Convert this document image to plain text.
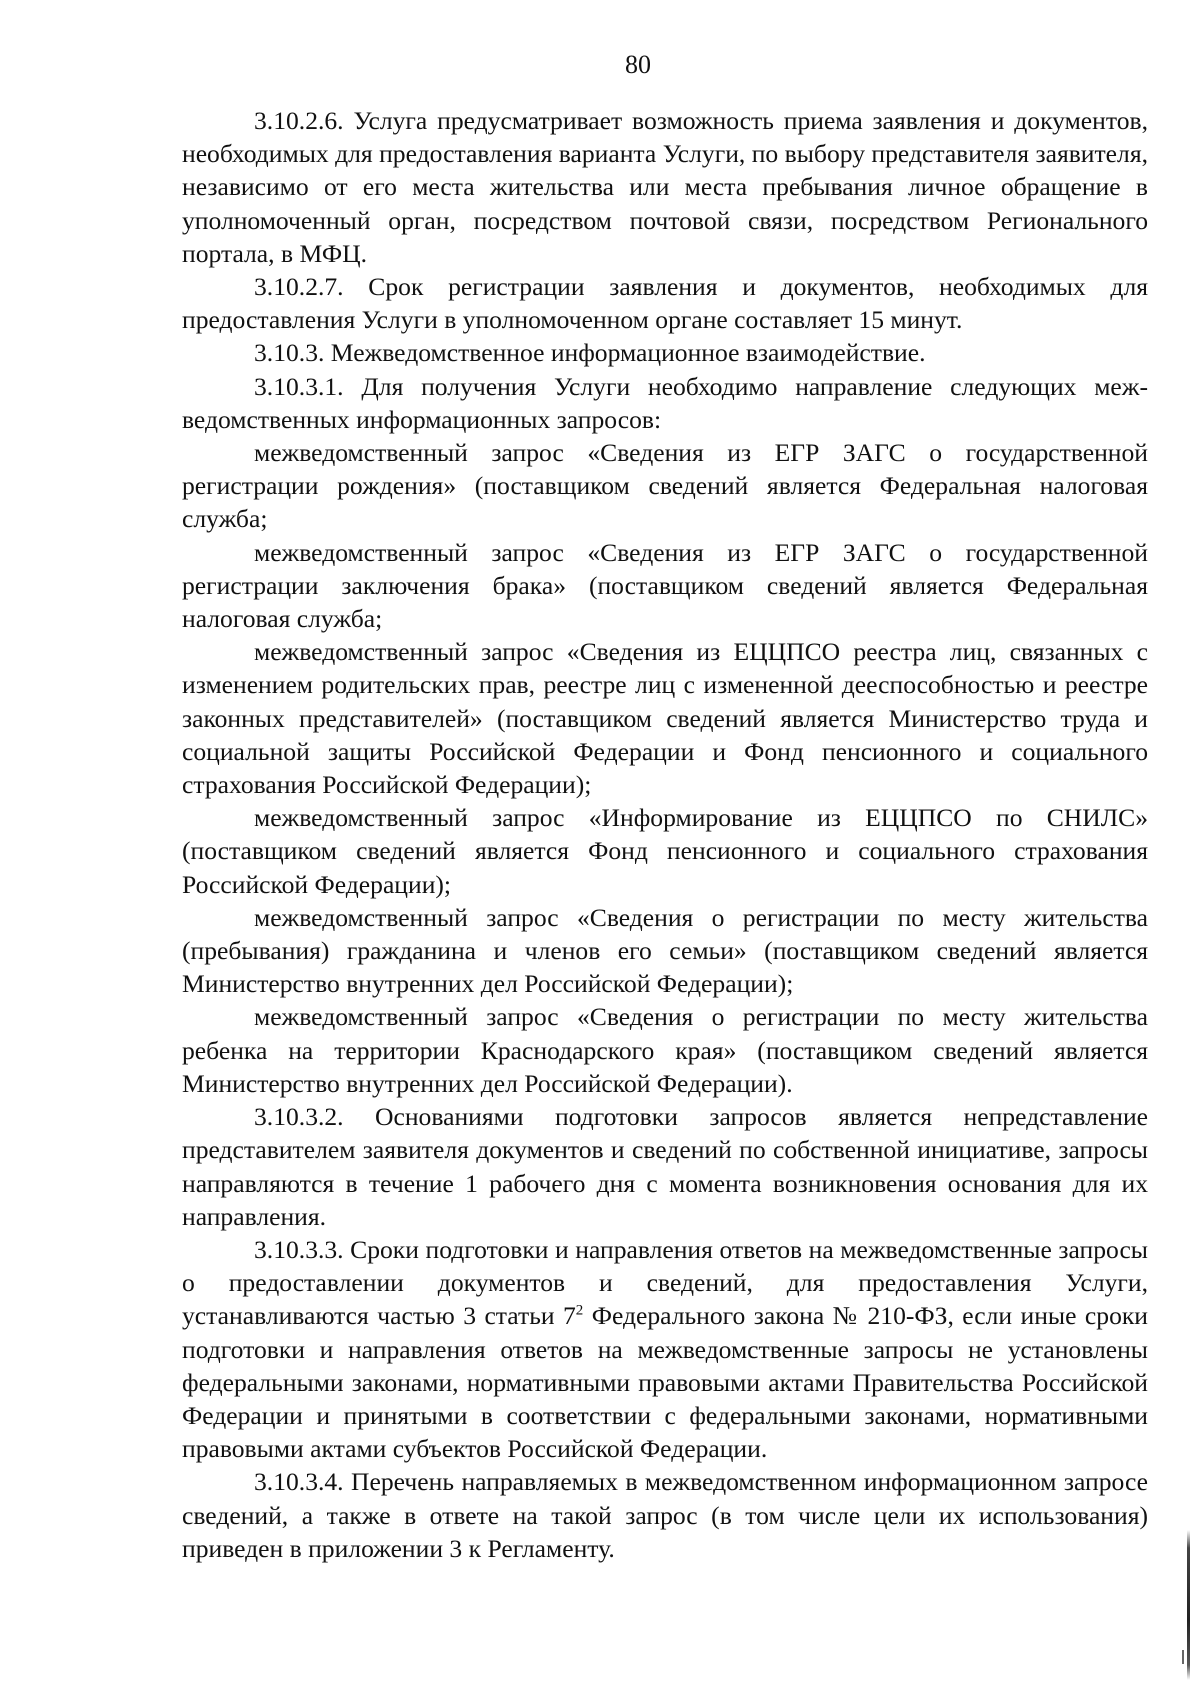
80

3.10.2.6. Услуга предусматривает возможность приема заявления и документов, необходимых для предоставления варианта Услуги, по выбору представителя заявителя, независимо от его места жительства или места пребывания личное обращение в уполномоченный орган, посредством почтовой связи, посредством Регионального портала, в МФЦ.

3.10.2.7. Срок регистрации заявления и документов, необходимых для предоставления Услуги в уполномоченном органе составляет 15 минут.

3.10.3. Межведомственное информационное взаимодействие.

3.10.3.1. Для получения Услуги необходимо направление следующих межведомственных информационных запросов:

межведомственный запрос «Сведения из ЕГР ЗАГС о государственной регистрации рождения» (поставщиком сведений является Федеральная налоговая служба;

межведомственный запрос «Сведения из ЕГР ЗАГС о государственной регистрации заключения брака» (поставщиком сведений является Федеральная налоговая служба;

межведомственный запрос «Сведения из ЕЦЦПСО реестра лиц, связанных с изменением родительских прав, реестре лиц с измененной дееспособностью и реестре законных представителей» (поставщиком сведений является Министерство труда и социальной защиты Российской Федерации и Фонд пенсионного и социального страхования Российской Федерации);

межведомственный запрос «Информирование из ЕЦЦПСО по СНИЛС» (поставщиком сведений является Фонд пенсионного и социального страхования Российской Федерации);

межведомственный запрос «Сведения о регистрации по месту жительства (пребывания) гражданина и членов его семьи» (поставщиком сведений является Министерство внутренних дел Российской Федерации);

межведомственный запрос «Сведения о регистрации по месту жительства ребенка на территории Краснодарского края» (поставщиком сведений является Министерство внутренних дел Российской Федерации).

3.10.3.2. Основаниями подготовки запросов является непредставление представителем заявителя документов и сведений по собственной инициативе, запросы направляются в течение 1 рабочего дня с момента возникновения основания для их направления.

3.10.3.3. Сроки подготовки и направления ответов на межведомственные запросы о предоставлении документов и сведений, для предоставления Услуги, устанавливаются частью 3 статьи $7^2$ Федерального закона № 210-ФЗ, если иные сроки подготовки и направления ответов на межведомственные запросы не установлены федеральными законами, нормативными правовыми актами Правительства Российской Федерации и принятыми в соответствии с федеральными законами, нормативными правовыми актами субъектов Российской Федерации.

3.10.3.4. Перечень направляемых в межведомственном информационном запросе сведений, а также в ответе на такой запрос (в том числе цели их использования) приведен в приложении 3 к Регламенту.
